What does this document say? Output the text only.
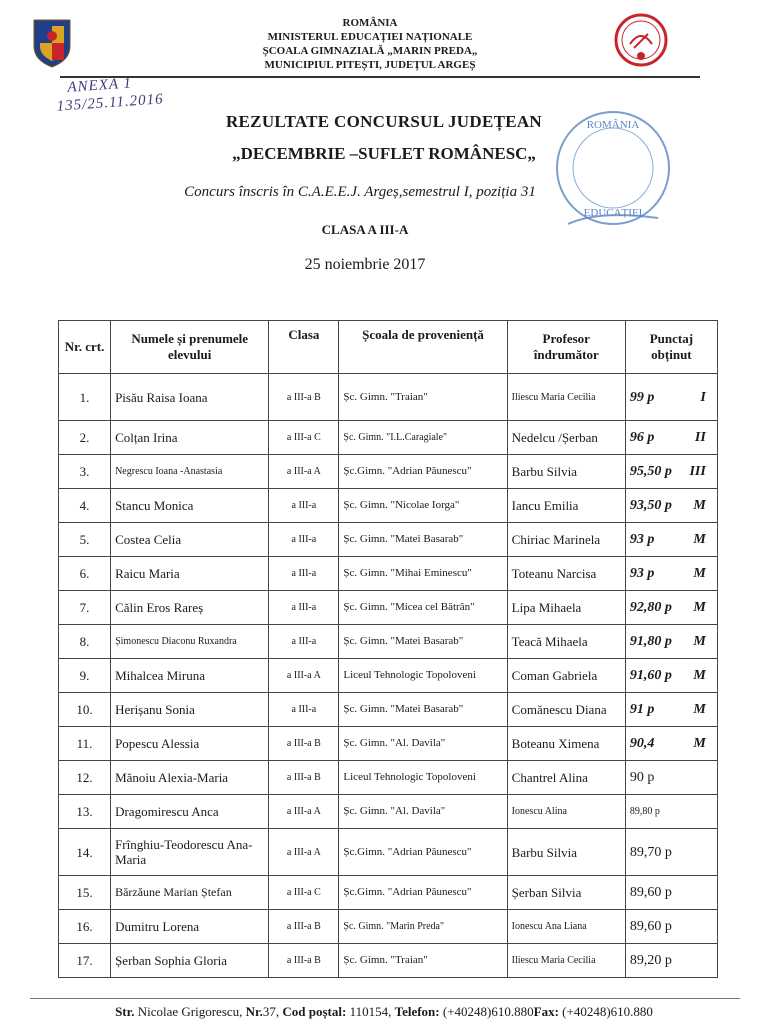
ROMÂNIA
MINISTERUL EDUCAȚIEI NAȚIONALE
ȘCOALA GIMNAZIALĂ „MARIN PREDA„
MUNICIPIUL PITEȘTI, JUDEȚUL ARGEȘ
ANEXA 1
135/25.11.2016
ROMÂNIA
EDUCAȚIEI
REZULTATE CONCURSUL JUDEȚEAN
„DECEMBRIE –SUFLET ROMÂNESC„
Concurs înscris în C.A.E.E.J. Argeș,semestrul I, poziția 31
CLASA A III-A
25 noiembrie 2017
Nr. crt.	Numele și prenumele elevului	Clasa	Școala de proveniență	Profesor îndrumător	Punctaj obținut
1.	Pisău Raisa Ioana	a III-a B	Șc. Gimn. "Traian"	Iliescu Maria Cecilia	99 p I
2.	Colțan Irina	a III-a C	Șc. Gimn. "I.L.Caragiale"	Nedelcu /Șerban	96 p II
3.	Negrescu Ioana -Anastasia	a III-a A	Șc.Gimn. "Adrian Păunescu"	Barbu Silvia	95,50 p III
4.	Stancu Monica	a III-a	Șc. Gimn. "Nicolae Iorga"	Iancu Emilia	93,50 p M
5.	Costea Celia	a III-a	Șc. Gimn. "Matei Basarab"	Chiriac Marinela	93 p M
6.	Raicu Maria	a III-a	Șc. Gimn. "Mihai Eminescu"	Toteanu Narcisa	93 p M
7.	Călin Eros Rareș	a III-a	Șc. Gimn. "Micea cel Bătrân"	Lipa Mihaela	92,80 p M
8.	Șimonescu Diaconu Ruxandra	a III-a	Șc. Gimn. "Matei Basarab"	Teacă Mihaela	91,80 p M
9.	Mihalcea Miruna	a III-a A	Liceul Tehnologic Topoloveni	Coman Gabriela	91,60 p M
10.	Herișanu Sonia	a III-a	Șc. Gimn. "Matei Basarab"	Comănescu Diana	91 p M
11.	Popescu Alessia	a III-a B	Șc. Gimn. "Al. Davila"	Boteanu Ximena	90,4 M
12.	Mănoiu Alexia-Maria	a III-a B	Liceul Tehnologic Topoloveni	Chantrel Alina	90 p
13.	Dragomirescu Anca	a III-a A	Șc. Gimn. "Al. Davila"	Ionescu Alina	89,80 p
14.	Frînghiu-Teodorescu Ana-Maria	a III-a A	Șc.Gimn. "Adrian Păunescu"	Barbu Silvia	89,70 p
15.	Bărzăune Marian Ștefan	a III-a C	Șc.Gimn. "Adrian Păunescu"	Șerban Silvia	89,60 p
16.	Dumitru Lorena	a III-a B	Șc. Gimn. "Marin Preda"	Ionescu Ana Liana	89,60 p
17.	Șerban Sophia Gloria	a III-a B	Șc. Gimn. "Traian"	Iliescu Maria Cecilia	89,20 p
Str. Nicolae Grigorescu, Nr.37, Cod poștal: 110154, Telefon: (+40248)610.880Fax: (+40248)610.880
